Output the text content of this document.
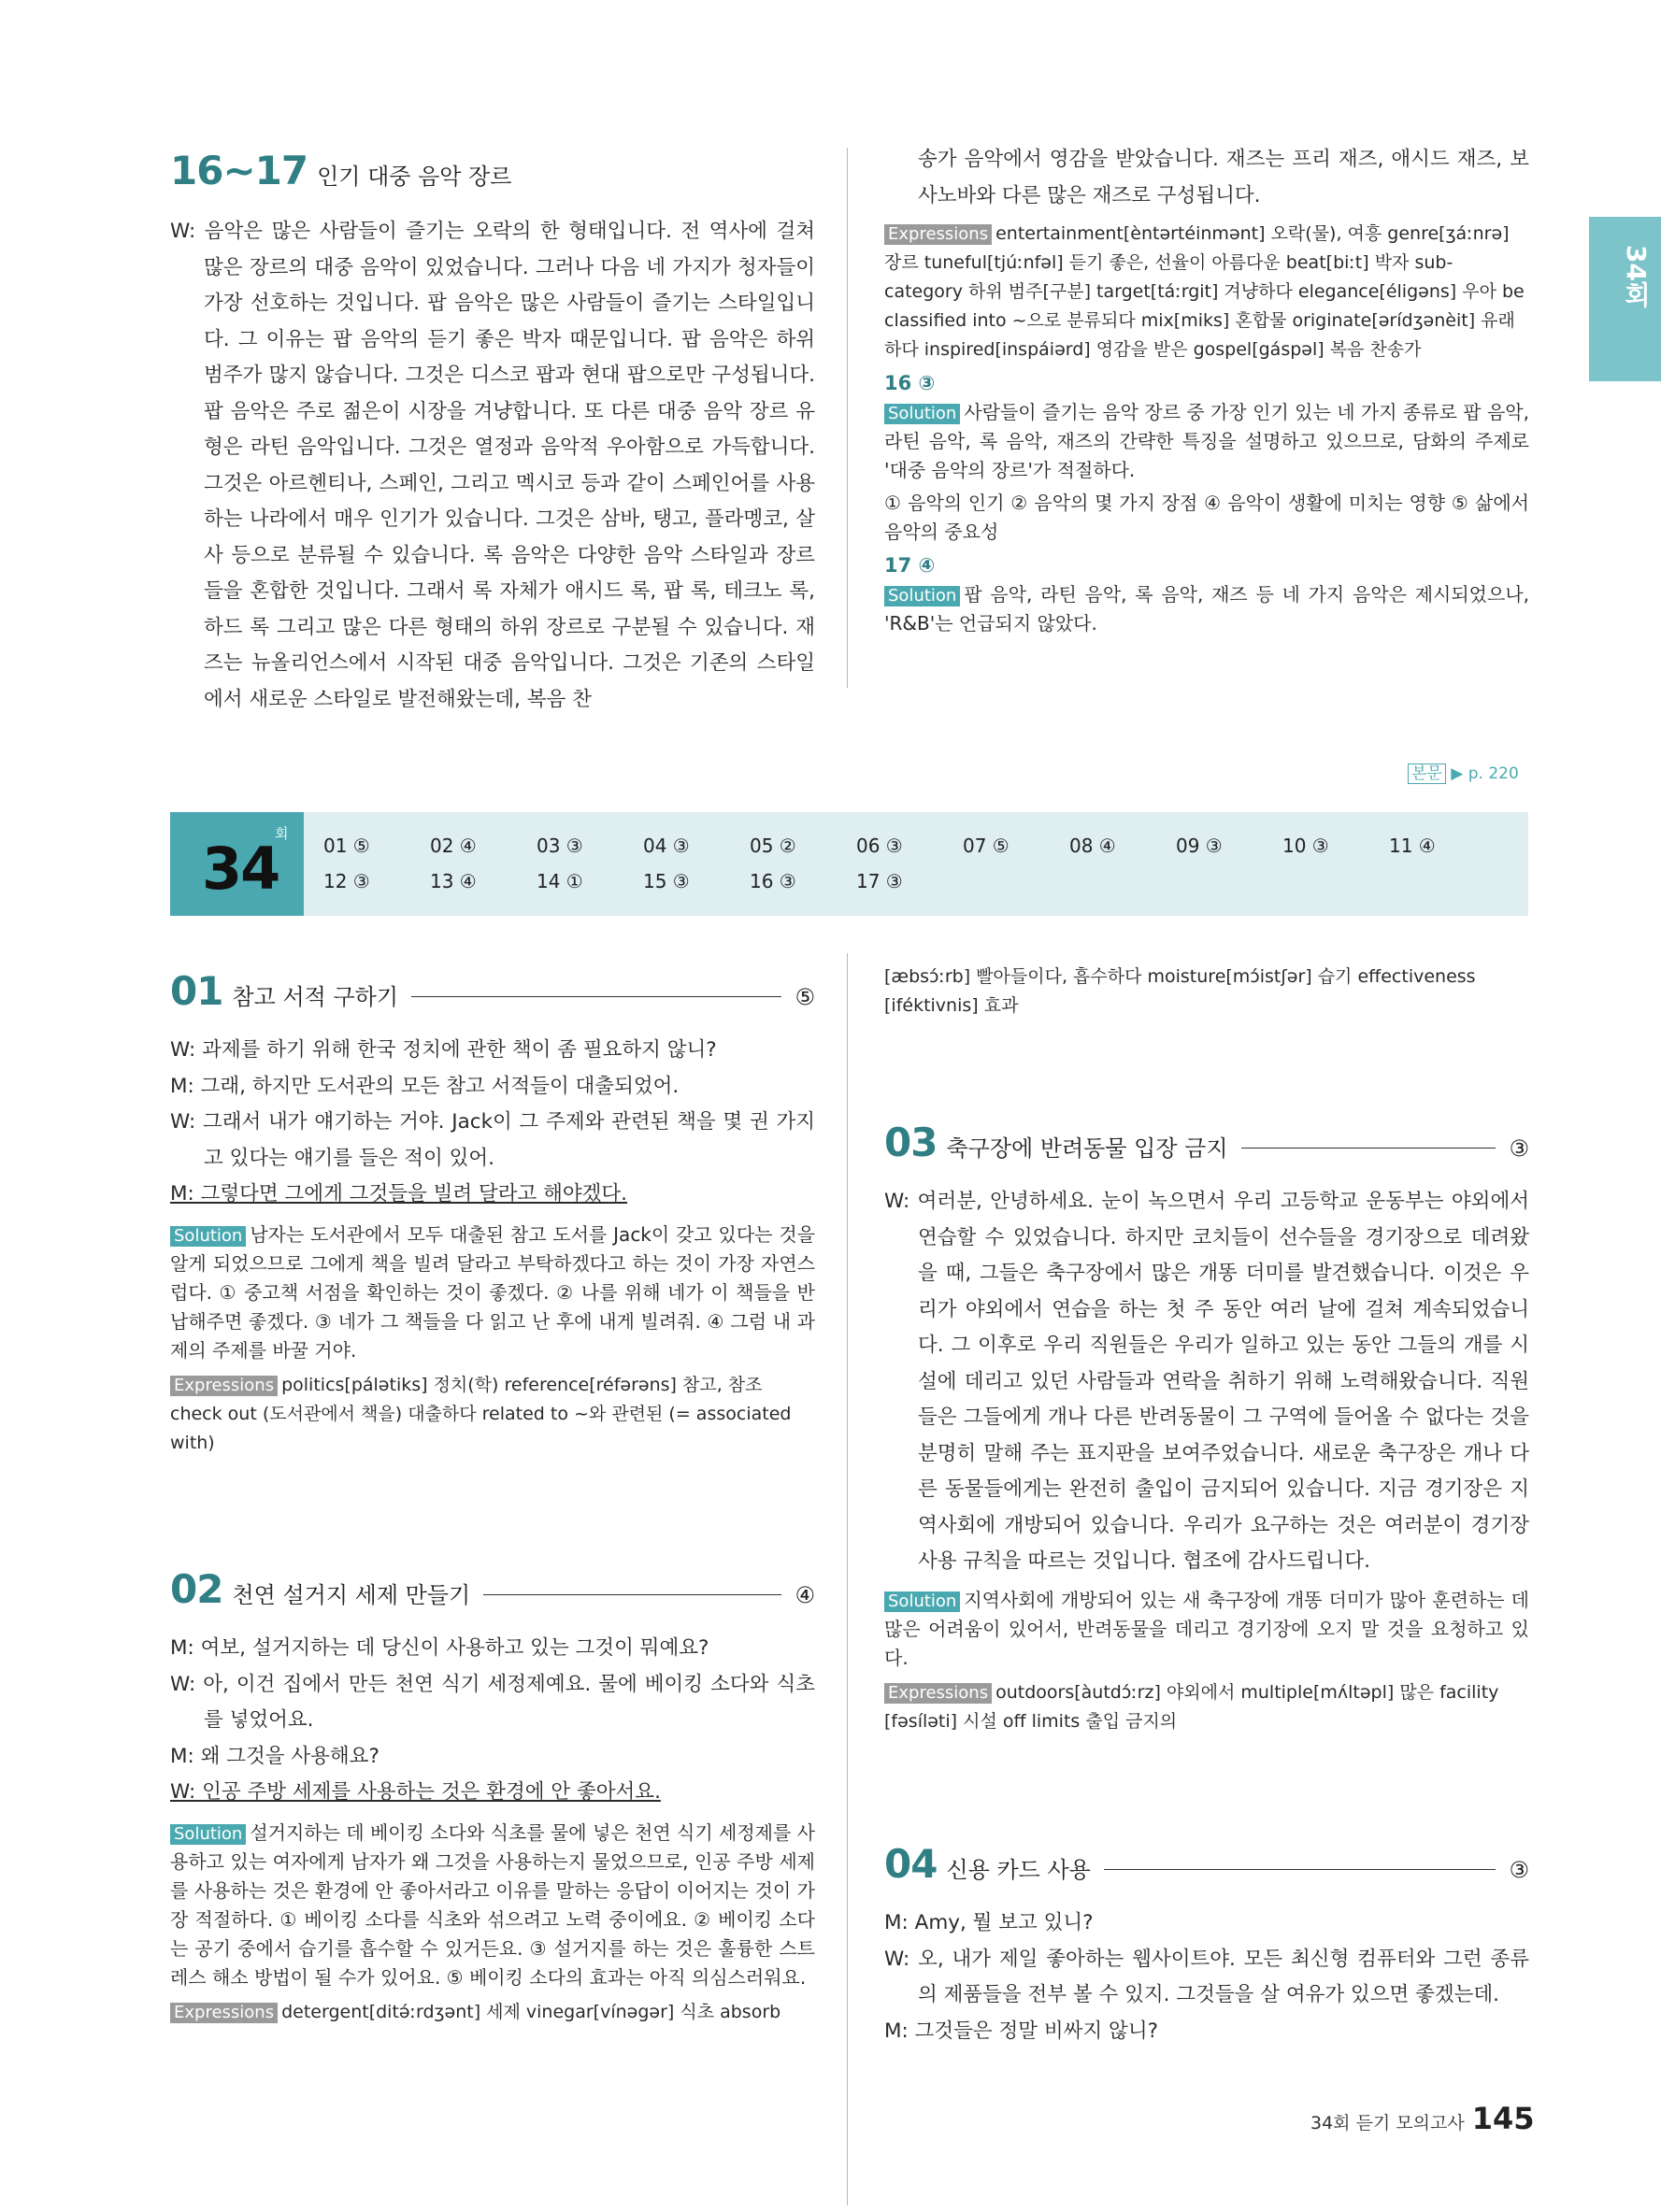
34회
16~17 인기 대중 음악 장르

W: 음악은 많은 사람들이 즐기는 오락의 한 형태입니다. 전 역사에 걸쳐 많은 장르의 대중 음악이 있었습니다. 그러나 다음 네 가지가 청자들이 가장 선호하는 것입니다. 팝 음악은 많은 사람들이 즐기는 스타일입니다. 그 이유는 팝 음악의 듣기 좋은 박자 때문입니다. 팝 음악은 하위 범주가 많지 않습니다. 그것은 디스코 팝과 현대 팝으로만 구성됩니다. 팝 음악은 주로 젊은이 시장을 겨냥합니다. 또 다른 대중 음악 장르 유형은 라틴 음악입니다. 그것은 열정과 음악적 우아함으로 가득합니다. 그것은 아르헨티나, 스페인, 그리고 멕시코 등과 같이 스페인어를 사용하는 나라에서 매우 인기가 있습니다. 그것은 삼바, 탱고, 플라멩코, 살사 등으로 분류될 수 있습니다. 록 음악은 다양한 음악 스타일과 장르들을 혼합한 것입니다. 그래서 록 자체가 애시드 록, 팝 록, 테크노 록, 하드 록 그리고 많은 다른 형태의 하위 장르로 구분될 수 있습니다. 재즈는 뉴올리언스에서 시작된 대중 음악입니다. 그것은 기존의 스타일에서 새로운 스타일로 발전해왔는데, 복음 찬

송가 음악에서 영감을 받았습니다. 재즈는 프리 재즈, 애시드 재즈, 보사노바와 다른 많은 재즈로 구성됩니다.

Expressions entertainment[èntərtéinmənt] 오락(물), 여흥 genre[ʒáːnrə] 장르 tuneful[tjúːnfəl] 듣기 좋은, 선율이 아름다운 beat[biːt] 박자 sub-category 하위 범주[구분] target[táːrgit] 겨냥하다 elegance[éligəns] 우아 be classified into ~으로 분류되다 mix[miks] 혼합물 originate[ərídʒənèit] 유래하다 inspired[inspáiərd] 영감을 받은 gospel[gáspəl] 복음 찬송가

16 ③

Solution 사람들이 즐기는 음악 장르 중 가장 인기 있는 네 가지 종류로 팝 음악, 라틴 음악, 록 음악, 재즈의 간략한 특징을 설명하고 있으므로, 담화의 주제로 '대중 음악의 장르'가 적절하다.

① 음악의 인기 ② 음악의 몇 가지 장점 ④ 음악이 생활에 미치는 영향 ⑤ 삶에서 음악의 중요성

17 ④

Solution 팝 음악, 라틴 음악, 록 음악, 재즈 등 네 가지 음악은 제시되었으나, 'R&B'는 언급되지 않았다.

본문 ▶ p. 220
34
회
01 ⑤	02 ④	03 ③	04 ③	05 ②	06 ③	07 ⑤	08 ④	09 ③	10 ③	11 ④
12 ③	13 ④	14 ①	15 ③	16 ③	17 ③
01 참고 서적 구하기	⑤

W: 과제를 하기 위해 한국 정치에 관한 책이 좀 필요하지 않니?

M: 그래, 하지만 도서관의 모든 참고 서적들이 대출되었어.

W: 그래서 내가 얘기하는 거야. Jack이 그 주제와 관련된 책을 몇 권 가지고 있다는 얘기를 들은 적이 있어.

M: 그렇다면 그에게 그것들을 빌려 달라고 해야겠다.

Solution 남자는 도서관에서 모두 대출된 참고 도서를 Jack이 갖고 있다는 것을 알게 되었으므로 그에게 책을 빌려 달라고 부탁하겠다고 하는 것이 가장 자연스럽다. ① 중고책 서점을 확인하는 것이 좋겠다. ② 나를 위해 네가 이 책들을 반납해주면 좋겠다. ③ 네가 그 책들을 다 읽고 난 후에 내게 빌려줘. ④ 그럼 내 과제의 주제를 바꿀 거야.

Expressions politics[pálətiks] 정치(학) reference[réfərəns] 참고, 참조 check out (도서관에서 책을) 대출하다 related to ~와 관련된 (= associated with)

02 천연 설거지 세제 만들기	④

M: 여보, 설거지하는 데 당신이 사용하고 있는 그것이 뭐예요?

W: 아, 이건 집에서 만든 천연 식기 세정제예요. 물에 베이킹 소다와 식초를 넣었어요.

M: 왜 그것을 사용해요?

W: 인공 주방 세제를 사용하는 것은 환경에 안 좋아서요.

Solution 설거지하는 데 베이킹 소다와 식초를 물에 넣은 천연 식기 세정제를 사용하고 있는 여자에게 남자가 왜 그것을 사용하는지 물었으므로, 인공 주방 세제를 사용하는 것은 환경에 안 좋아서라고 이유를 말하는 응답이 이어지는 것이 가장 적절하다. ① 베이킹 소다를 식초와 섞으려고 노력 중이에요. ② 베이킹 소다는 공기 중에서 습기를 흡수할 수 있거든요. ③ 설거지를 하는 것은 훌륭한 스트레스 해소 방법이 될 수가 있어요. ⑤ 베이킹 소다의 효과는 아직 의심스러워요.

Expressions detergent[ditə́ːrdʒənt] 세제 vinegar[vínəgər] 식초 absorb

[æbsɔ́ːrb] 빨아들이다, 흡수하다 moisture[mɔ́istʃər] 습기 effectiveness [iféktivnis] 효과

03 축구장에 반려동물 입장 금지	③

W: 여러분, 안녕하세요. 눈이 녹으면서 우리 고등학교 운동부는 야외에서 연습할 수 있었습니다. 하지만 코치들이 선수들을 경기장으로 데려왔을 때, 그들은 축구장에서 많은 개똥 더미를 발견했습니다. 이것은 우리가 야외에서 연습을 하는 첫 주 동안 여러 날에 걸쳐 계속되었습니다. 그 이후로 우리 직원들은 우리가 일하고 있는 동안 그들의 개를 시설에 데리고 있던 사람들과 연락을 취하기 위해 노력해왔습니다. 직원들은 그들에게 개나 다른 반려동물이 그 구역에 들어올 수 없다는 것을 분명히 말해 주는 표지판을 보여주었습니다. 새로운 축구장은 개나 다른 동물들에게는 완전히 출입이 금지되어 있습니다. 지금 경기장은 지역사회에 개방되어 있습니다. 우리가 요구하는 것은 여러분이 경기장 사용 규칙을 따르는 것입니다. 협조에 감사드립니다.

Solution 지역사회에 개방되어 있는 새 축구장에 개똥 더미가 많아 훈련하는 데 많은 어려움이 있어서, 반려동물을 데리고 경기장에 오지 말 것을 요청하고 있다.

Expressions outdoors[àutdɔ́ːrz] 야외에서 multiple[mʌ́ltəpl] 많은 facility [fəsíləti] 시설 off limits 출입 금지의

04 신용 카드 사용	③

M: Amy, 뭘 보고 있니?

W: 오, 내가 제일 좋아하는 웹사이트야. 모든 최신형 컴퓨터와 그런 종류의 제품들을 전부 볼 수 있지. 그것들을 살 여유가 있으면 좋겠는데.

M: 그것들은 정말 비싸지 않니?

34회 듣기 모의고사 145
